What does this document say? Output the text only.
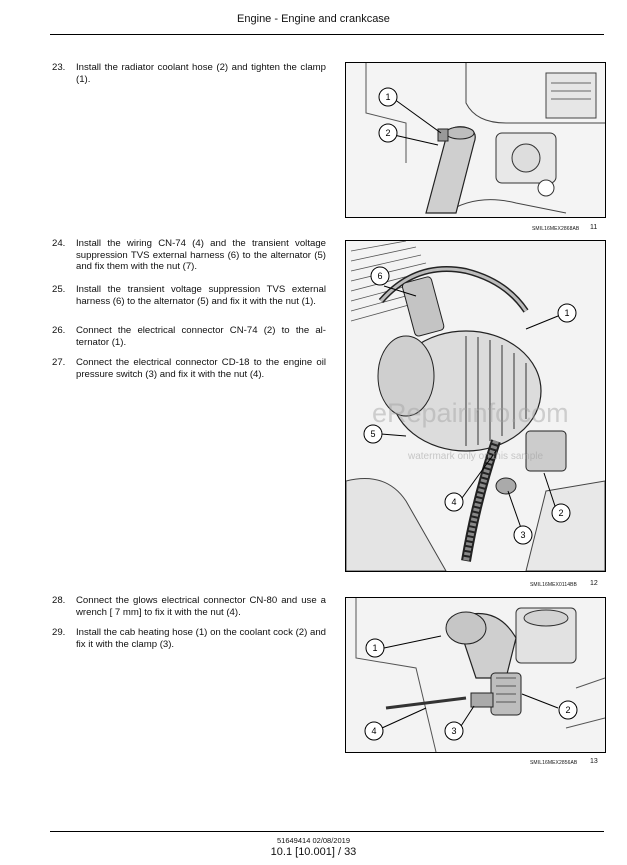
Engine - Engine and crankcase
23.	Install the radiator coolant hose (2) and tighten the clamp (1).
24.	Install the wiring CN-74 (4) and the transient voltage suppression TVS external harness (6) to the alternator (5) and fix them with the nut (7).
25.	Install the transient voltage suppression TVS external harness (6) to the alternator (5) and fix it with the nut (1).
26.	Connect the electrical connector CN-74 (2) to the al- ternator (1).
27.	Connect the electrical connector CD-18 to the engine oil pressure switch (3) and fix it with the nut (4).
28.	Connect the glows electrical connector CN-80 and use a wrench [ 7 mm] to fix it with the nut (4).
29.	Install the cab heating hose (1) on the coolant cock (2) and fix it with the clamp (3).
1
2
SMIL16MEX2868AB 11
6
1
5
4
3
2
SMIL16MEX0114BB 12
1
2
4	3
SMIL16MEX2856AB 13
eRepairinfo.com
watermark only on this sample
51649414 02/08/2019
10.1 [10.001] / 33
